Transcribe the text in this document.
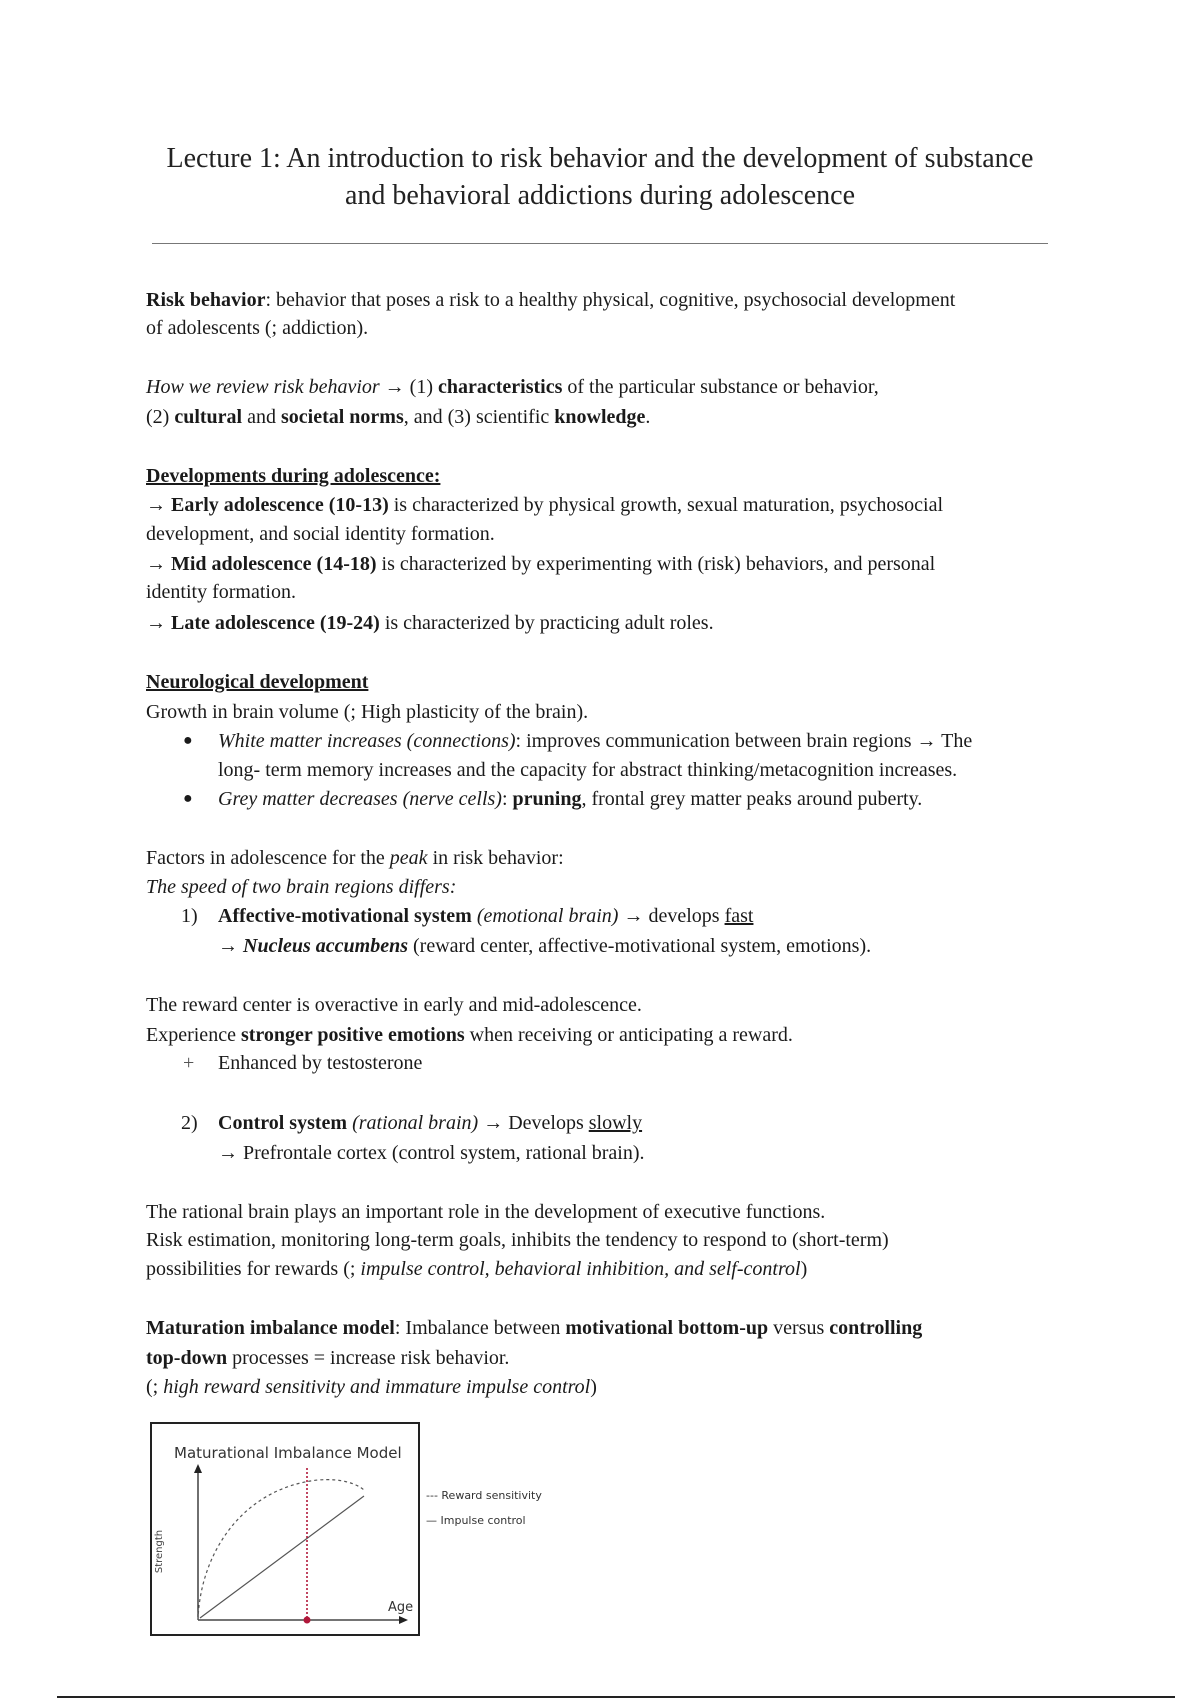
Lecture 1: An introduction to risk behavior and the development of substance
and behavioral addictions during adolescence
Risk behavior: behavior that poses a risk to a healthy physical, cognitive, psychosocial development
of adolescents (; addiction).
How we review risk behavior → (1) characteristics of the particular substance or behavior,
(2) cultural and societal norms, and (3) scientific knowledge.
Developments during adolescence:
→ Early adolescence (10-13) is characterized by physical growth, sexual maturation, psychosocial
development, and social identity formation.
→ Mid adolescence (14-18) is characterized by experimenting with (risk) behaviors, and personal
identity formation.
→ Late adolescence (19-24) is characterized by practicing adult roles.
Neurological development
Growth in brain volume (; High plasticity of the brain).
● White matter increases (connections): improves communication between brain regions → The
long- term memory increases and the capacity for abstract thinking/metacognition increases.
● Grey matter decreases (nerve cells): pruning, frontal grey matter peaks around puberty.
Factors in adolescence for the peak in risk behavior:
The speed of two brain regions differs:
1) Affective-motivational system (emotional brain) → develops fast
→ Nucleus accumbens (reward center, affective-motivational system, emotions).
The reward center is overactive in early and mid-adolescence.
Experience stronger positive emotions when receiving or anticipating a reward.
+ Enhanced by testosterone
2) Control system (rational brain) → Develops slowly
→ Prefrontale cortex (control system, rational brain).
The rational brain plays an important role in the development of executive functions.
Risk estimation, monitoring long-term goals, inhibits the tendency to respond to (short-term)
possibilities for rewards (; impulse control, behavioral inhibition, and self-control)
Maturation imbalance model: Imbalance between motivational bottom-up versus controlling
top-down processes = increase risk behavior.
(; high reward sensitivity and immature impulse control)
Maturational Imbalance Model
Strength
Age
--- Reward sensitivity
— Impulse control
